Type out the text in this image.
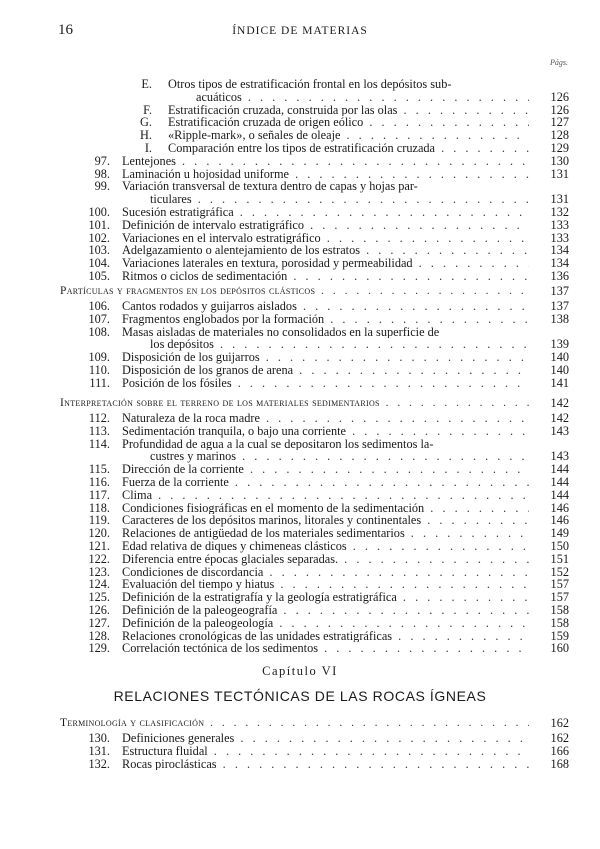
16	ÍNDICE DE MATERIAS
Págs.
E. Otros tipos de estratificación frontal en los depósitos sub-
acuáticos . . .	126
F. Estratificación cruzada, construida por las olas . . .	126
G. Estratificación cruzada de origen eólico . . .	127
H. «Ripple-mark», o señales de oleaje . . .	128
I. Comparación entre los tipos de estratificación cruzada . . .	129
97. Lentejones . . .	130
98. Laminación u hojosidad uniforme . . .	131
99. Variación transversal de textura dentro de capas y hojas par-
ticulares . . .	131
100. Sucesión estratigráfica . . .	132
101. Definición de intervalo estratigráfico . . .	133
102. Variaciones en el intervalo estratigráfico . . .	133
103. Adelgazamiento o alentejamiento de los estratos . . .	134
104. Variaciones laterales en textura, porosidad y permeabilidad . . .	134
105. Ritmos o ciclos de sedimentación . . .	136
Partículas y fragmentos en los depósitos clásticos . . .	137
106. Cantos rodados y guijarros aislados . . .	137
107. Fragmentos englobados por la formación . . .	138
108. Masas aisladas de materiales no consolidados en la superficie de
los depósitos . . .	139
109. Disposición de los guijarros . . .	140
110. Disposición de los granos de arena . . .	140
111. Posición de los fósiles . . .	141
Interpretación sobre el terreno de los materiales sedimentarios . . .	142
112. Naturaleza de la roca madre . . .	142
113. Sedimentación tranquila, o bajo una corriente . . .	143
114. Profundidad de agua a la cual se depositaron los sedimentos la-
custres y marinos . . .	143
115. Dirección de la corriente . . .	144
116. Fuerza de la corriente . . .	144
117. Clima . . .	144
118. Condiciones fisiográficas en el momento de la sedimentación . . .	146
119. Caracteres de los depósitos marinos, litorales y continentales . . .	146
120. Relaciones de antigüedad de los materiales sedimentarios . . .	149
121. Edad relativa de diques y chimeneas clásticos . . .	150
122. Diferencia entre épocas glaciales separadas. . . .	151
123. Condiciones de discordancia . . .	152
124. Evaluación del tiempo y hiatus . . .	157
125. Definición de la estratigrafía y la geología estratigráfica . . .	157
126. Definición de la paleogeografía . . .	158
127. Definición de la paleogeología . . .	158
128. Relaciones cronológicas de las unidades estratigráficas . . .	159
129. Correlación tectónica de los sedimentos . . .	160
Capítulo VI
RELACIONES TECTÓNICAS DE LAS ROCAS ÍGNEAS
Terminología y clasificación . . .	162
130. Definiciones generales . . .	162
131. Estructura fluidal . . .	166
132. Rocas piroclásticas . . .	168
